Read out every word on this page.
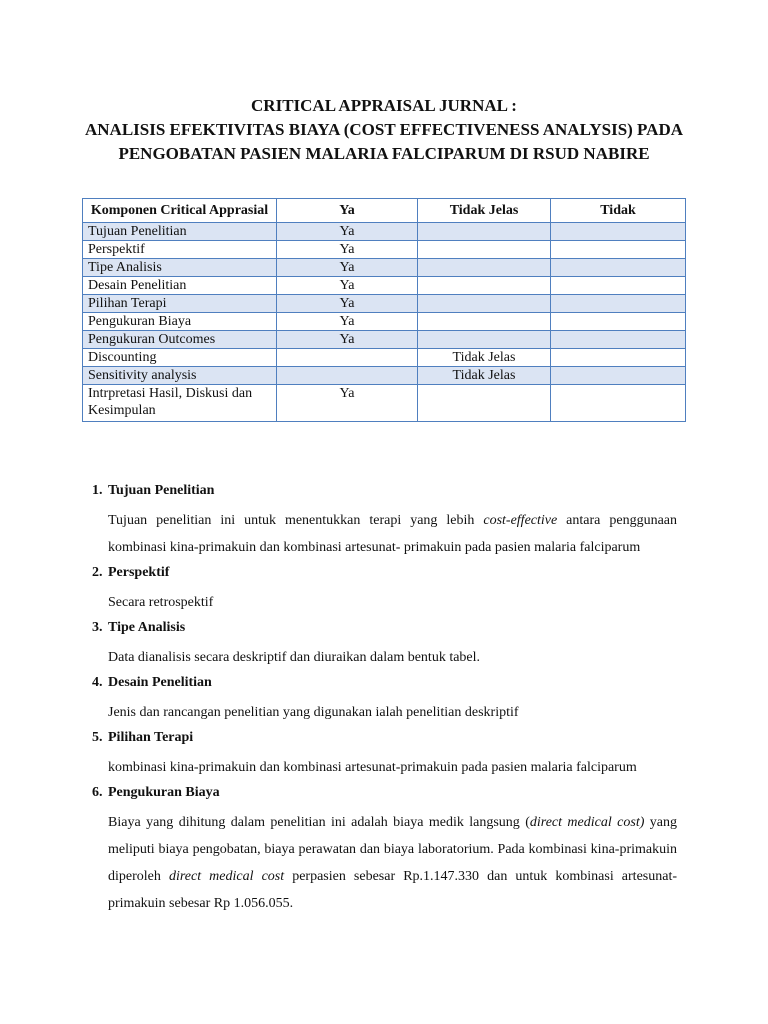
CRITICAL APPRAISAL JURNAL :
ANALISIS EFEKTIVITAS BIAYA (COST EFFECTIVENESS ANALYSIS) PADA
PENGOBATAN PASIEN MALARIA FALCIPARUM DI RSUD NABIRE
Komponen Critical Apprasial	Ya	Tidak Jelas	Tidak
Tujuan Penelitian	Ya		
Perspektif	Ya		
Tipe Analisis	Ya		
Desain Penelitian	Ya		
Pilihan Terapi	Ya		
Pengukuran Biaya	Ya		
Pengukuran Outcomes	Ya		
Discounting		Tidak Jelas	
Sensitivity analysis		Tidak Jelas	
Intrpretasi Hasil, Diskusi dan Kesimpulan	Ya		
1. Tujuan Penelitian
Tujuan penelitian ini untuk menentukkan terapi yang lebih cost-effective antara penggunaan kombinasi kina-primakuin dan kombinasi artesunat- primakuin pada pasien malaria falciparum
2. Perspektif
Secara retrospektif
3. Tipe Analisis
Data dianalisis secara deskriptif dan diuraikan dalam bentuk tabel.
4. Desain Penelitian
Jenis dan rancangan penelitian yang digunakan ialah penelitian deskriptif
5. Pilihan Terapi
kombinasi kina-primakuin dan kombinasi artesunat-primakuin pada pasien malaria falciparum
6. Pengukuran Biaya
Biaya yang dihitung dalam penelitian ini adalah biaya medik langsung (direct medical cost) yang meliputi biaya pengobatan, biaya perawatan dan biaya laboratorium. Pada kombinasi kina-primakuin diperoleh direct medical cost perpasien sebesar Rp.1.147.330 dan untuk kombinasi artesunat-primakuin sebesar Rp 1.056.055.
